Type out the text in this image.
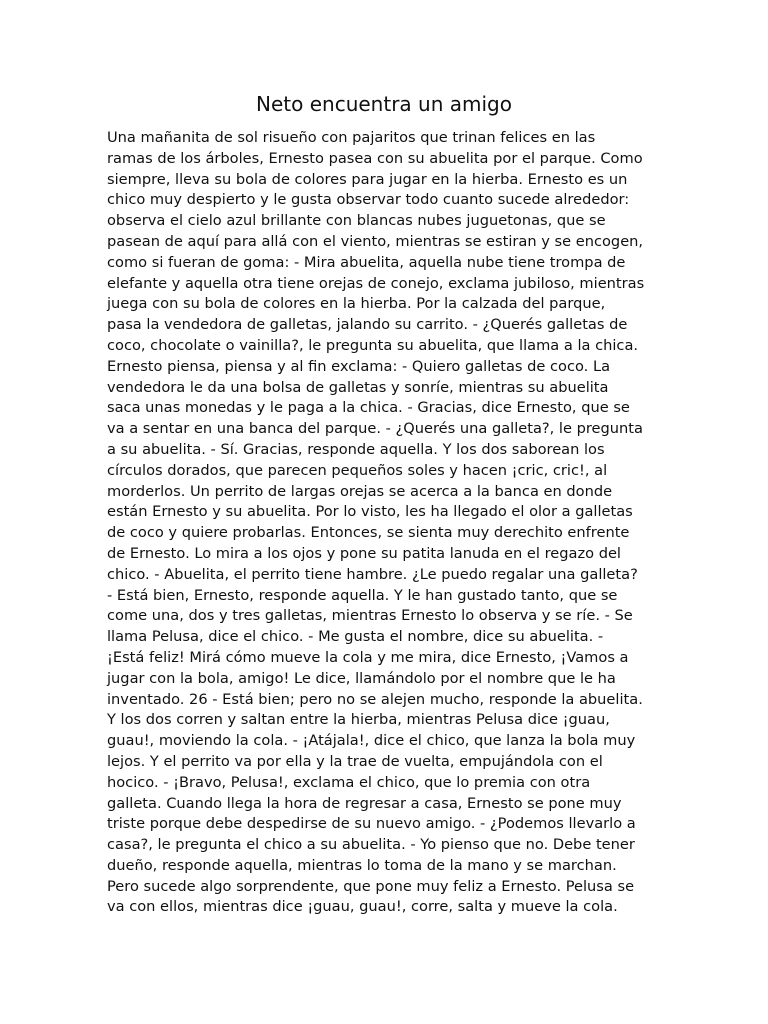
Neto encuentra un amigo
Una mañanita de sol risueño con pajaritos que trinan felices en las
ramas de los árboles, Ernesto pasea con su abuelita por el parque. Como
siempre, lleva su bola de colores para jugar en la hierba. Ernesto es un
chico muy despierto y le gusta observar todo cuanto sucede alrededor:
observa el cielo azul brillante con blancas nubes juguetonas, que se
pasean de aquí para allá con el viento, mientras se estiran y se encogen,
como si fueran de goma: - Mira abuelita, aquella nube tiene trompa de
elefante y aquella otra tiene orejas de conejo, exclama jubiloso, mientras
juega con su bola de colores en la hierba. Por la calzada del parque,
pasa la vendedora de galletas, jalando su carrito. - ¿Querés galletas de
coco, chocolate o vainilla?, le pregunta su abuelita, que llama a la chica.
Ernesto piensa, piensa y al fin exclama: - Quiero galletas de coco. La
vendedora le da una bolsa de galletas y sonríe, mientras su abuelita
saca unas monedas y le paga a la chica. - Gracias, dice Ernesto, que se
va a sentar en una banca del parque. - ¿Querés una galleta?, le pregunta
a su abuelita. - Sí. Gracias, responde aquella. Y los dos saborean los
círculos dorados, que parecen pequeños soles y hacen ¡cric, cric!, al
morderlos. Un perrito de largas orejas se acerca a la banca en donde
están Ernesto y su abuelita. Por lo visto, les ha llegado el olor a galletas
de coco y quiere probarlas. Entonces, se sienta muy derechito enfrente
de Ernesto. Lo mira a los ojos y pone su patita lanuda en el regazo del
chico. - Abuelita, el perrito tiene hambre. ¿Le puedo regalar una galleta?
- Está bien, Ernesto, responde aquella. Y le han gustado tanto, que se
come una, dos y tres galletas, mientras Ernesto lo observa y se ríe. - Se
llama Pelusa, dice el chico. - Me gusta el nombre, dice su abuelita. -
¡Está feliz! Mirá cómo mueve la cola y me mira, dice Ernesto, ¡Vamos a
jugar con la bola, amigo! Le dice, llamándolo por el nombre que le ha
inventado. 26 - Está bien; pero no se alejen mucho, responde la abuelita.
Y los dos corren y saltan entre la hierba, mientras Pelusa dice ¡guau,
guau!, moviendo la cola. - ¡Atájala!, dice el chico, que lanza la bola muy
lejos. Y el perrito va por ella y la trae de vuelta, empujándola con el
hocico. - ¡Bravo, Pelusa!, exclama el chico, que lo premia con otra
galleta. Cuando llega la hora de regresar a casa, Ernesto se pone muy
triste porque debe despedirse de su nuevo amigo. - ¿Podemos llevarlo a
casa?, le pregunta el chico a su abuelita. - Yo pienso que no. Debe tener
dueño, responde aquella, mientras lo toma de la mano y se marchan.
Pero sucede algo sorprendente, que pone muy feliz a Ernesto. Pelusa se
va con ellos, mientras dice ¡guau, guau!, corre, salta y mueve la cola.
